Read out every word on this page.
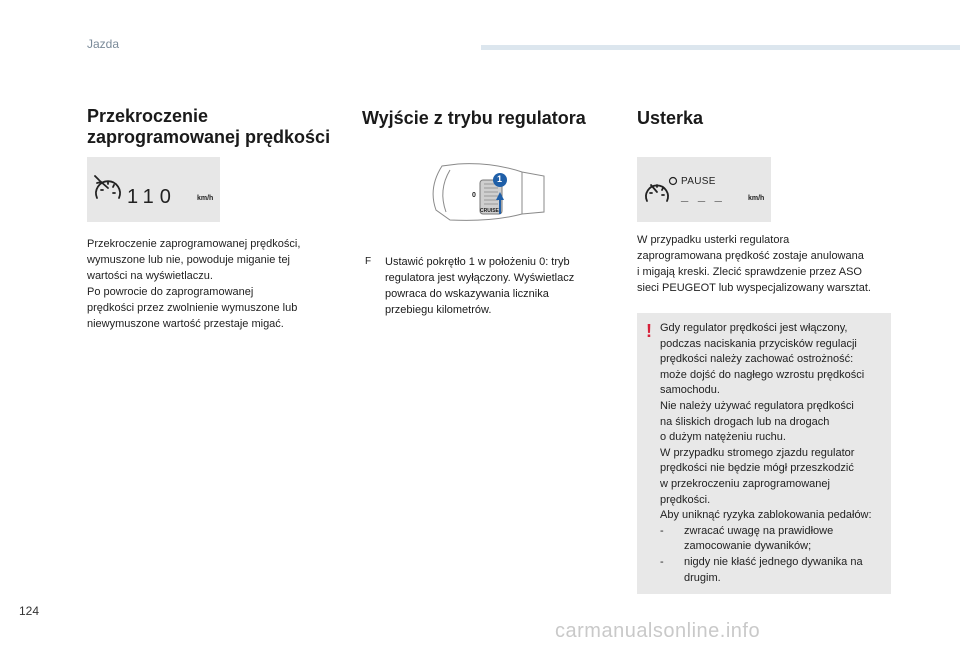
Jazda
Przekroczenie
zaprogramowanej prędkości
110	km/h
Przekroczenie zaprogramowanej prędkości,
wymuszone lub nie, powoduje miganie tej
wartości na wyświetlaczu.
Po powrocie do zaprogramowanej
prędkości przez zwolnienie wymuszone lub
niewymuszone wartość przestaje migać.
Wyjście z trybu regulatora
1
0
CRUISE
F Ustawić pokrętło 1 w położeniu 0: tryb
regulatora jest wyłączony. Wyświetlacz
powraca do wskazywania licznika
przebiegu kilometrów.
Usterka
PAUSE
_ _ _	km/h
W przypadku usterki regulatora
zaprogramowana prędkość zostaje anulowana
i migają kreski. Zlecić sprawdzenie przez ASO
sieci PEUGEOT lub wyspecjalizowany warsztat.
! Gdy regulator prędkości jest włączony,
podczas naciskania przycisków regulacji
prędkości należy zachować ostrożność:
może dojść do nagłego wzrostu prędkości
samochodu.
Nie należy używać regulatora prędkości
na śliskich drogach lub na drogach
o dużym natężeniu ruchu.
W przypadku stromego zjazdu regulator
prędkości nie będzie mógł przeszkodzić
w przekroczeniu zaprogramowanej
prędkości.
Aby uniknąć ryzyka zablokowania pedałów:
- zwracać uwagę na prawidłowe
zamocowanie dywaników;
- nigdy nie kłaść jednego dywanika na
drugim.
124
carmanualsonline.info
